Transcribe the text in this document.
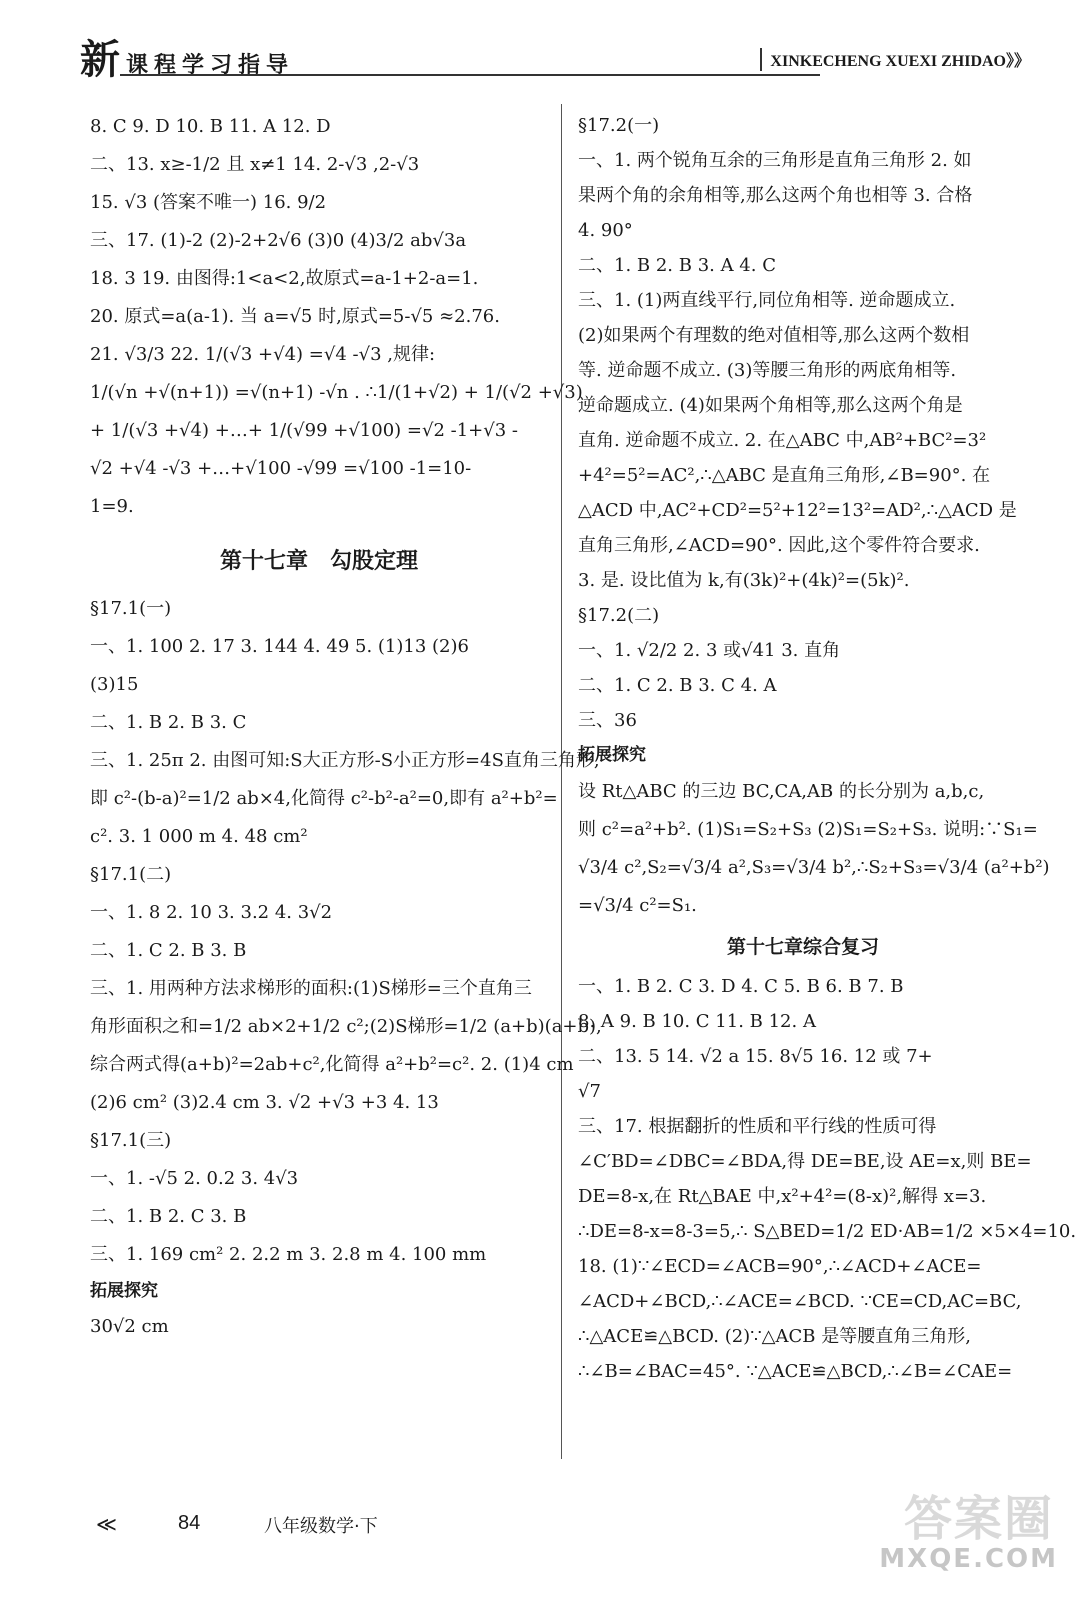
新 课程学习指导	XINKECHENG XUEXI ZHIDAO》》
8. C 9. D 10. B 11. A 12. D
二、13. x≥-1/2 且 x≠1 14. 2-√3 ,2-√3
15. √3 (答案不唯一) 16. 9/2
三、17. (1)-2 (2)-2+2√6 (3)0 (4)3/2 ab√3a
18. 3 19. 由图得:1<a<2,故原式=a-1+2-a=1.
20. 原式=a(a-1). 当 a=√5 时,原式=5-√5 ≈2.76.
21. √3/3 22. 1/(√3 +√4) =√4 -√3 ,规律:
1/(√n +√(n+1)) =√(n+1) -√n . ∴1/(1+√2) + 1/(√2 +√3)
+ 1/(√3 +√4) +…+ 1/(√99 +√100) =√2 -1+√3 -
√2 +√4 -√3 +…+√100 -√99 =√100 -1=10-
1=9.
第十七章　勾股定理
§17.1(一)
一、1. 100 2. 17 3. 144 4. 49 5. (1)13 (2)6
(3)15
二、1. B 2. B 3. C
三、1. 25π 2. 由图可知:S大正方形-S小正方形=4S直角三角形,
即 c²-(b-a)²=1/2 ab×4,化简得 c²-b²-a²=0,即有 a²+b²=
c². 3. 1 000 m 4. 48 cm²
§17.1(二)
一、1. 8 2. 10 3. 3.2 4. 3√2
二、1. C 2. B 3. B
三、1. 用两种方法求梯形的面积:(1)S梯形=三个直角三
角形面积之和=1/2 ab×2+1/2 c²;(2)S梯形=1/2 (a+b)(a+b),
综合两式得(a+b)²=2ab+c²,化简得 a²+b²=c². 2. (1)4 cm
(2)6 cm² (3)2.4 cm 3. √2 +√3 +3 4. 13
§17.1(三)
一、1. -√5 2. 0.2 3. 4√3
二、1. B 2. C 3. B
三、1. 169 cm² 2. 2.2 m 3. 2.8 m 4. 100 mm
拓展探究
30√2 cm
§17.2(一)
一、1. 两个锐角互余的三角形是直角三角形 2. 如
果两个角的余角相等,那么这两个角也相等 3. 合格
4. 90°
二、1. B 2. B 3. A 4. C
三、1. (1)两直线平行,同位角相等. 逆命题成立.
(2)如果两个有理数的绝对值相等,那么这两个数相
等. 逆命题不成立. (3)等腰三角形的两底角相等.
逆命题成立. (4)如果两个角相等,那么这两个角是
直角. 逆命题不成立. 2. 在△ABC 中,AB²+BC²=3²
+4²=5²=AC²,∴△ABC 是直角三角形,∠B=90°. 在
△ACD 中,AC²+CD²=5²+12²=13²=AD²,∴△ACD 是
直角三角形,∠ACD=90°. 因此,这个零件符合要求.
3. 是. 设比值为 k,有(3k)²+(4k)²=(5k)².
§17.2(二)
一、1. √2/2 2. 3 或√41 3. 直角
二、1. C 2. B 3. C 4. A
三、36
拓展探究
设 Rt△ABC 的三边 BC,CA,AB 的长分别为 a,b,c,
则 c²=a²+b². (1)S₁=S₂+S₃ (2)S₁=S₂+S₃. 说明:∵S₁=
√3/4 c²,S₂=√3/4 a²,S₃=√3/4 b²,∴S₂+S₃=√3/4 (a²+b²)
=√3/4 c²=S₁.
第十七章综合复习
一、1. B 2. C 3. D 4. C 5. B 6. B 7. B
8. A 9. B 10. C 11. B 12. A
二、13. 5 14. √2 a 15. 8√5 16. 12 或 7+
√7
三、17. 根据翻折的性质和平行线的性质可得
∠C′BD=∠DBC=∠BDA,得 DE=BE,设 AE=x,则 BE=
DE=8-x,在 Rt△BAE 中,x²+4²=(8-x)²,解得 x=3.
∴DE=8-x=8-3=5,∴ S△BED=1/2 ED·AB=1/2 ×5×4=10.
18. (1)∵∠ECD=∠ACB=90°,∴∠ACD+∠ACE=
∠ACD+∠BCD,∴∠ACE=∠BCD. ∵CE=CD,AC=BC,
∴△ACE≌△BCD. (2)∵△ACB 是等腰直角三角形,
∴∠B=∠BAC=45°. ∵△ACE≌△BCD,∴∠B=∠CAE=
≪	84	八年级数学·下	答案圈
MXQE.COM
